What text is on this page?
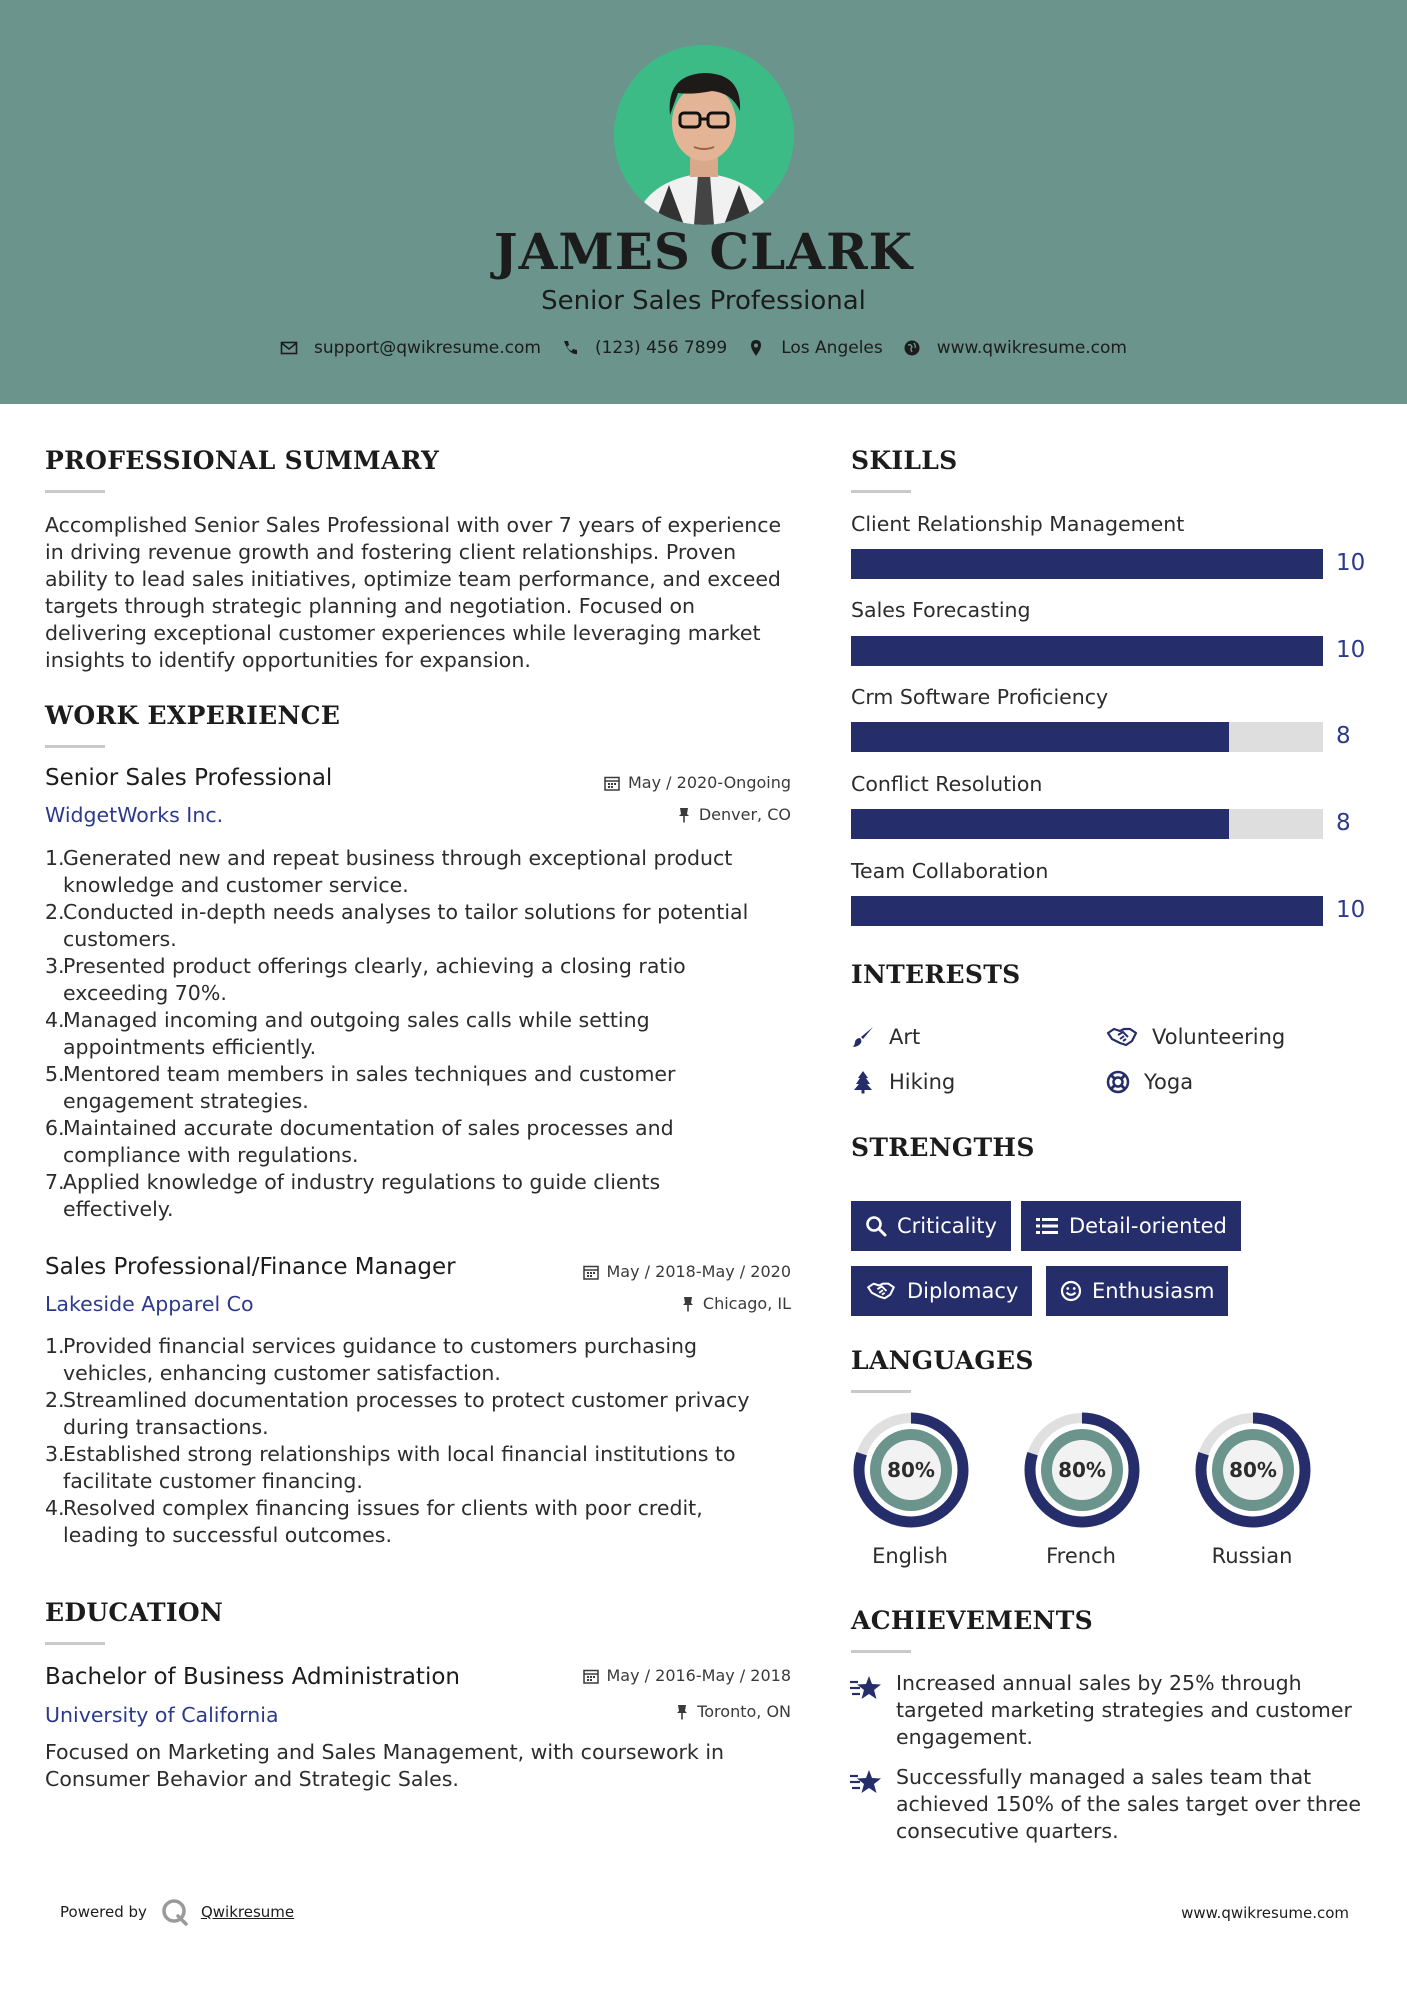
JAMES CLARK
Senior Sales Professional
support@qwikresume.com	(123) 456 7899	Los Angeles	www.qwikresume.com
PROFESSIONAL SUMMARY
Accomplished Senior Sales Professional with over 7 years of experience
in driving revenue growth and fostering client relationships. Proven
ability to lead sales initiatives, optimize team performance, and exceed
targets through strategic planning and negotiation. Focused on
delivering exceptional customer experiences while leveraging market
insights to identify opportunities for expansion.
WORK EXPERIENCE
Senior Sales Professional
WidgetWorks Inc.
May / 2020-Ongoing
Denver, CO
1.
Generated new and repeat business through exceptional product
knowledge and customer service.
2.
Conducted in-depth needs analyses to tailor solutions for potential
customers.
3.
Presented product offerings clearly, achieving a closing ratio
exceeding 70%.
4.
Managed incoming and outgoing sales calls while setting
appointments efficiently.
5.
Mentored team members in sales techniques and customer
engagement strategies.
6.
Maintained accurate documentation of sales processes and
compliance with regulations.
7.
Applied knowledge of industry regulations to guide clients
effectively.
Sales Professional/Finance Manager
Lakeside Apparel Co
May / 2018-May / 2020
Chicago, IL
1.
Provided financial services guidance to customers purchasing
vehicles, enhancing customer satisfaction.
2.
Streamlined documentation processes to protect customer privacy
during transactions.
3.
Established strong relationships with local financial institutions to
facilitate customer financing.
4.
Resolved complex financing issues for clients with poor credit,
leading to successful outcomes.
EDUCATION
Bachelor of Business Administration
University of California
May / 2016-May / 2018
Toronto, ON
Focused on Marketing and Sales Management, with coursework in
Consumer Behavior and Strategic Sales.
SKILLS
Client Relationship Management
10
Sales Forecasting
10
Crm Software Proficiency
8
Conflict Resolution
8
Team Collaboration
10
INTERESTS
Art	Volunteering
Hiking	Yoga
STRENGTHS
Criticality	Detail-oriented
Diplomacy	Enthusiasm
LANGUAGES
80%	80%	80%
English	French	Russian
ACHIEVEMENTS
Increased annual sales by 25% through
targeted marketing strategies and customer
engagement.
Successfully managed a sales team that
achieved 150% of the sales target over three
consecutive quarters.
Powered by	Qwikresume	www.qwikresume.com
